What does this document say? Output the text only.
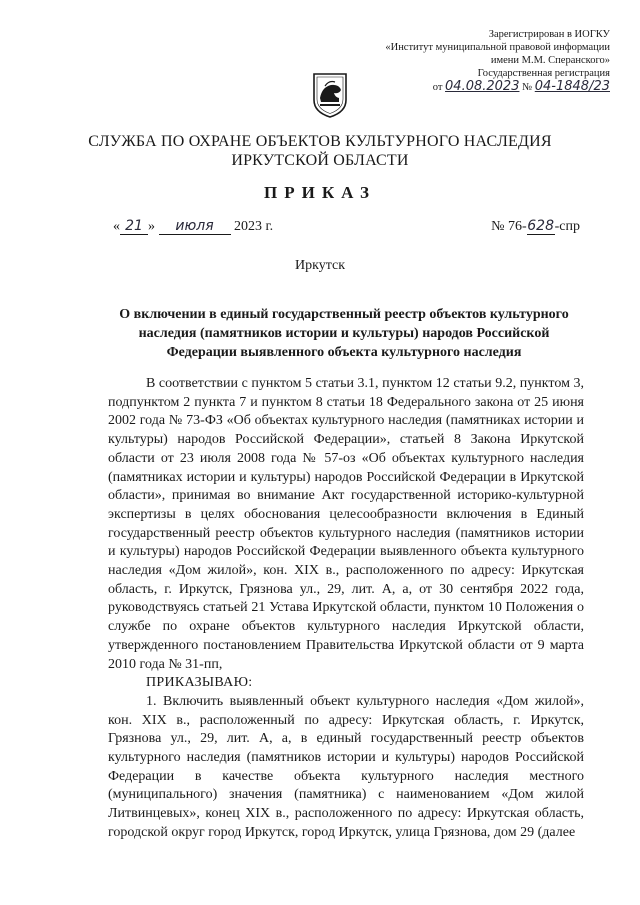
Зарегистрирован в ИОГКУ
«Институт муниципальной правовой информации
имени М.М. Сперанского»
Государственная регистрация
от 04.08.2023 № 04-1848/23
СЛУЖБА ПО ОХРАНЕ ОБЪЕКТОВ КУЛЬТУРНОГО НАСЛЕДИЯ
ИРКУТСКОЙ ОБЛАСТИ
ПРИКАЗ
« 21 » июля 2023 г.	№ 76-628-спр
Иркутск
О включении в единый государственный реестр объектов культурного наследия (памятников истории и культуры) народов Российской Федерации выявленного объекта культурного наследия

В соответствии с пунктом 5 статьи 3.1, пунктом 12 статьи 9.2, пунктом 3, подпунктом 2 пункта 7 и пунктом 8 статьи 18 Федерального закона от 25 июня 2002 года № 73-ФЗ «Об объектах культурного наследия (памятниках истории и культуры) народов Российской Федерации», статьей 8 Закона Иркутской области от 23 июля 2008 года № 57-оз «Об объектах культурного наследия (памятниках истории и культуры) народов Российской Федерации в Иркутской области», принимая во внимание Акт государственной историко-культурной экспертизы в целях обоснования целесообразности включения в Единый государственный реестр объектов культурного наследия (памятников истории и культуры) народов Российской Федерации выявленного объекта культурного наследия «Дом жилой», кон. XIX в., расположенного по адресу: Иркутская область, г. Иркутск, Грязнова ул., 29, лит. А, а, от 30 сентября 2022 года, руководствуясь статьей 21 Устава Иркутской области, пунктом 10 Положения о службе по охране объектов культурного наследия Иркутской области, утвержденного постановлением Правительства Иркутской области от 9 марта 2010 года № 31-пп,

ПРИКАЗЫВАЮ:

1. Включить выявленный объект культурного наследия «Дом жилой», кон. XIX в., расположенный по адресу: Иркутская область, г. Иркутск, Грязнова ул., 29, лит. А, а, в единый государственный реестр объектов культурного наследия (памятников истории и культуры) народов Российской Федерации в качестве объекта культурного наследия местного (муниципального) значения (памятника) с наименованием «Дом жилой Литвинцевых», конец XIX в., расположенного по адресу: Иркутская область, городской округ город Иркутск, город Иркутск, улица Грязнова, дом 29 (далее
